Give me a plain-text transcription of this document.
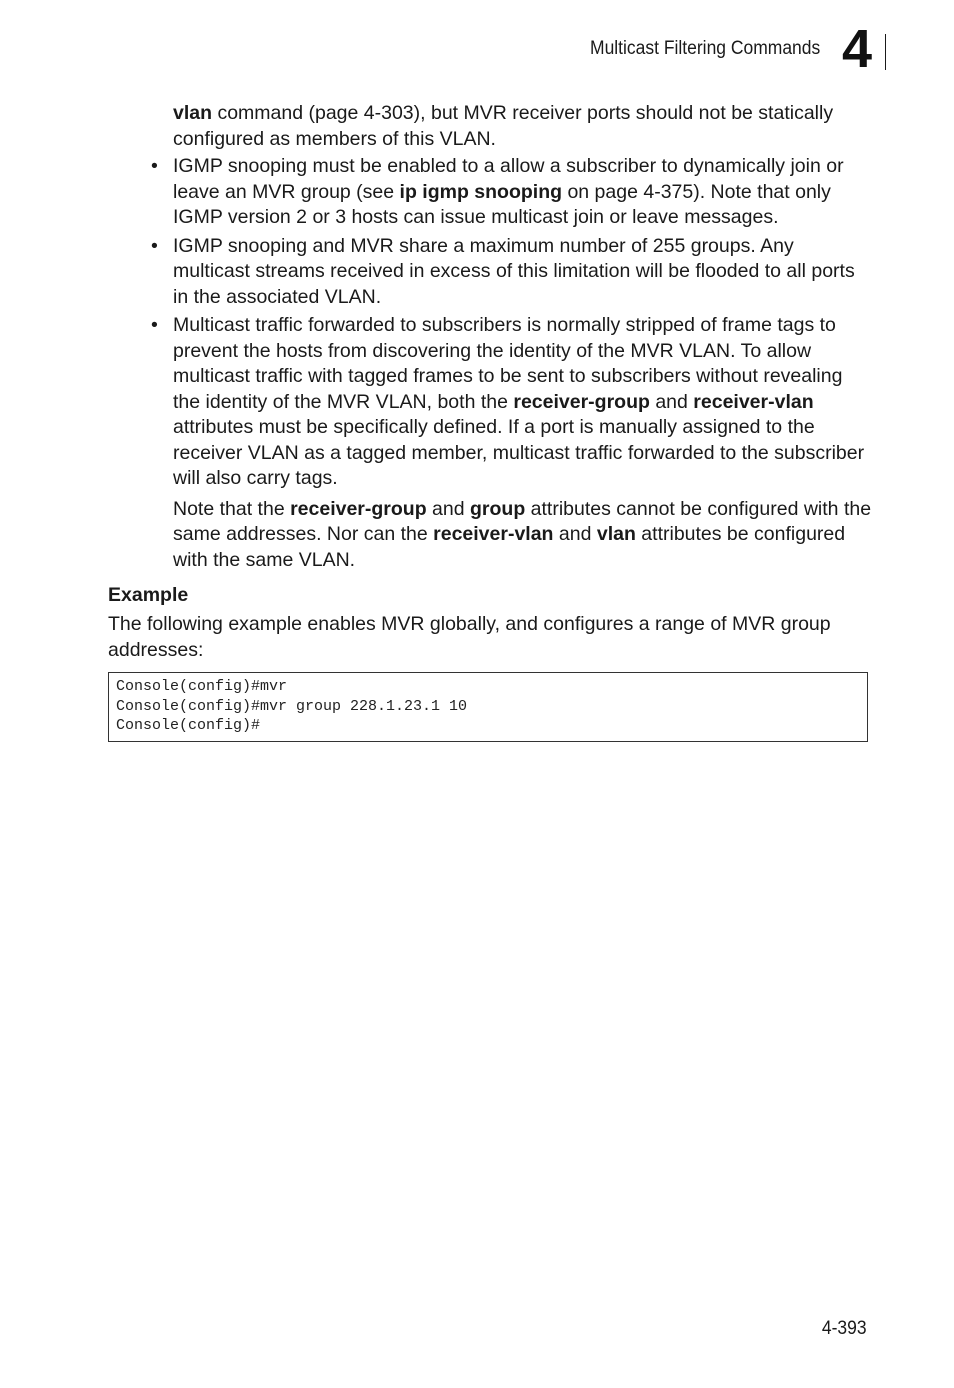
Multicast Filtering Commands 4

vlan command (page 4-303), but MVR receiver ports should not be statically configured as members of this VLAN.

• IGMP snooping must be enabled to a allow a subscriber to dynamically join or leave an MVR group (see ip igmp snooping on page 4-375). Note that only IGMP version 2 or 3 hosts can issue multicast join or leave messages.
• IGMP snooping and MVR share a maximum number of 255 groups. Any multicast streams received in excess of this limitation will be flooded to all ports in the associated VLAN.
• Multicast traffic forwarded to subscribers is normally stripped of frame tags to prevent the hosts from discovering the identity of the MVR VLAN. To allow multicast traffic with tagged frames to be sent to subscribers without revealing the identity of the MVR VLAN, both the receiver-group and receiver-vlan attributes must be specifically defined. If a port is manually assigned to the receiver VLAN as a tagged member, multicast traffic forwarded to the subscriber will also carry tags.

Note that the receiver-group and group attributes cannot be configured with the same addresses. Nor can the receiver-vlan and vlan attributes be configured with the same VLAN.

Example

The following example enables MVR globally, and configures a range of MVR group addresses:

Console(config)#mvr
Console(config)#mvr group 228.1.23.1 10
Console(config)#
4-393
